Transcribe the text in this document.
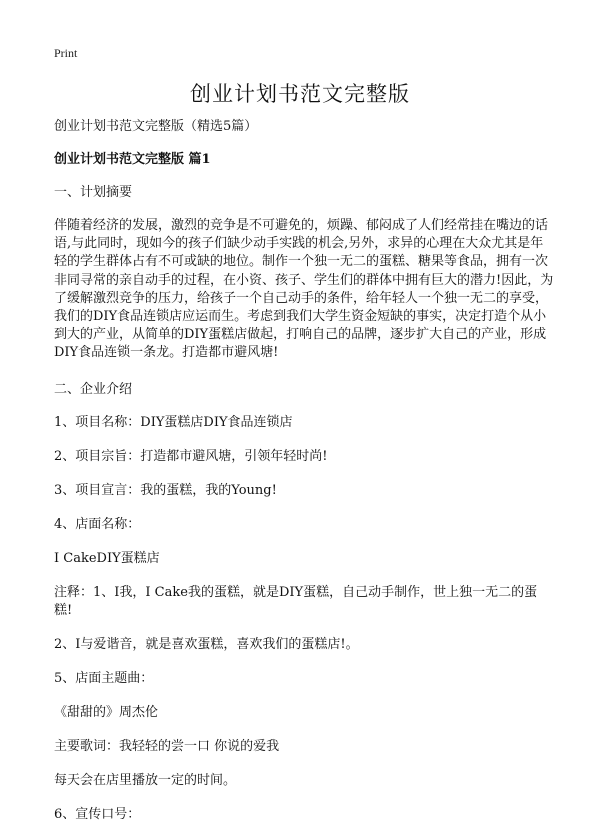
Print
创业计划书范文完整版

创业计划书范文完整版（精选5篇）

创业计划书范文完整版 篇1

一、计划摘要

伴随着经济的发展，激烈的竞争是不可避免的，烦躁、郁闷成了人们经常挂在嘴边的话语,与此同时，现如今的孩子们缺少动手实践的机会,另外，求异的心理在大众尤其是年轻的学生群体占有不可或缺的地位。制作一个独一无二的蛋糕、糖果等食品，拥有一次非同寻常的亲自动手的过程，在小资、孩子、学生们的群体中拥有巨大的潜力!因此，为了缓解激烈竞争的压力，给孩子一个自己动手的条件，给年轻人一个独一无二的享受，我们的DIY食品连锁店应运而生。考虑到我们大学生资金短缺的事实，决定打造个从小到大的产业，从简单的DIY蛋糕店做起，打响自己的品牌，逐步扩大自己的产业，形成DIY食品连锁一条龙。打造都市避风塘!

二、企业介绍

1、项目名称：DIY蛋糕店DIY食品连锁店

2、项目宗旨：打造都市避风塘，引领年轻时尚!

3、项目宣言：我的蛋糕，我的Young!

4、店面名称：

I CakeDIY蛋糕店

注释：1、I我，I Cake我的蛋糕，就是DIY蛋糕，自己动手制作，世上独一无二的蛋糕!

2、I与爱谐音，就是喜欢蛋糕，喜欢我们的蛋糕店!。

5、店面主题曲：

《甜甜的》周杰伦

主要歌词：我轻轻的尝一口 你说的爱我

每天会在店里播放一定的时间。

6、宣传口号：
